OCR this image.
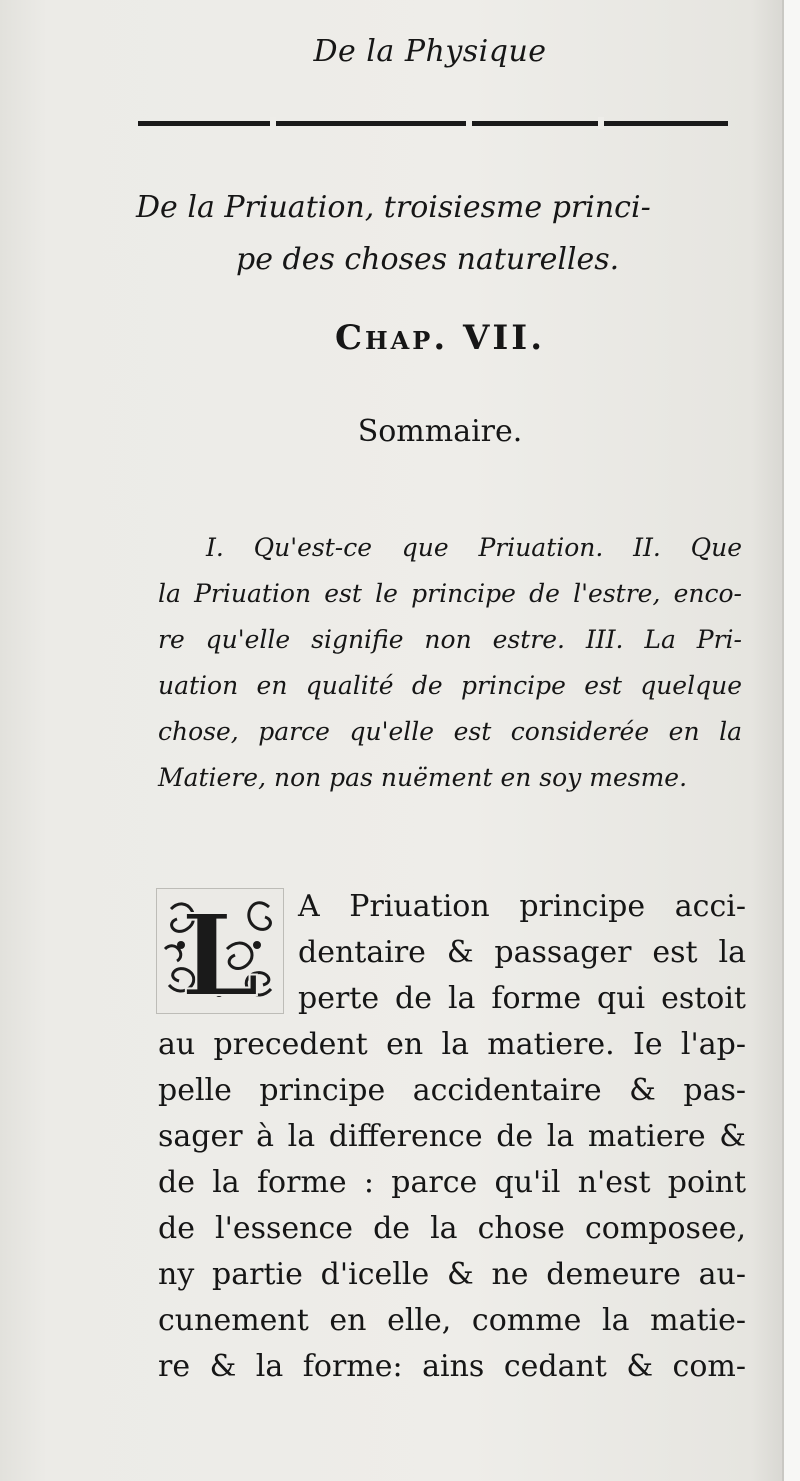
De la Physique
De la Priuation, troisiesme princi-
pe des choses naturelles.
Chap. VII.
Sommaire.
I. Qu'est-ce que Priuation. II. Que
la Priuation est le principe de l'estre, enco-
re qu'elle signifie non estre. III. La Pri-
uation en qualité de principe est quelque
chose, parce qu'elle est considerée en la
Matiere, non pas nuëment en soy mesme.
L	A Priuation principe acci-
dentaire & passager est la
perte de la forme qui estoit
au precedent en la matiere. Ie l'ap-
pelle principe accidentaire & pas-
sager à la difference de la matiere &
de la forme : parce qu'il n'est point
de l'essence de la chose composee,
ny partie d'icelle & ne demeure au-
cunement en elle, comme la matie-
re & la forme: ains cedant & com-
